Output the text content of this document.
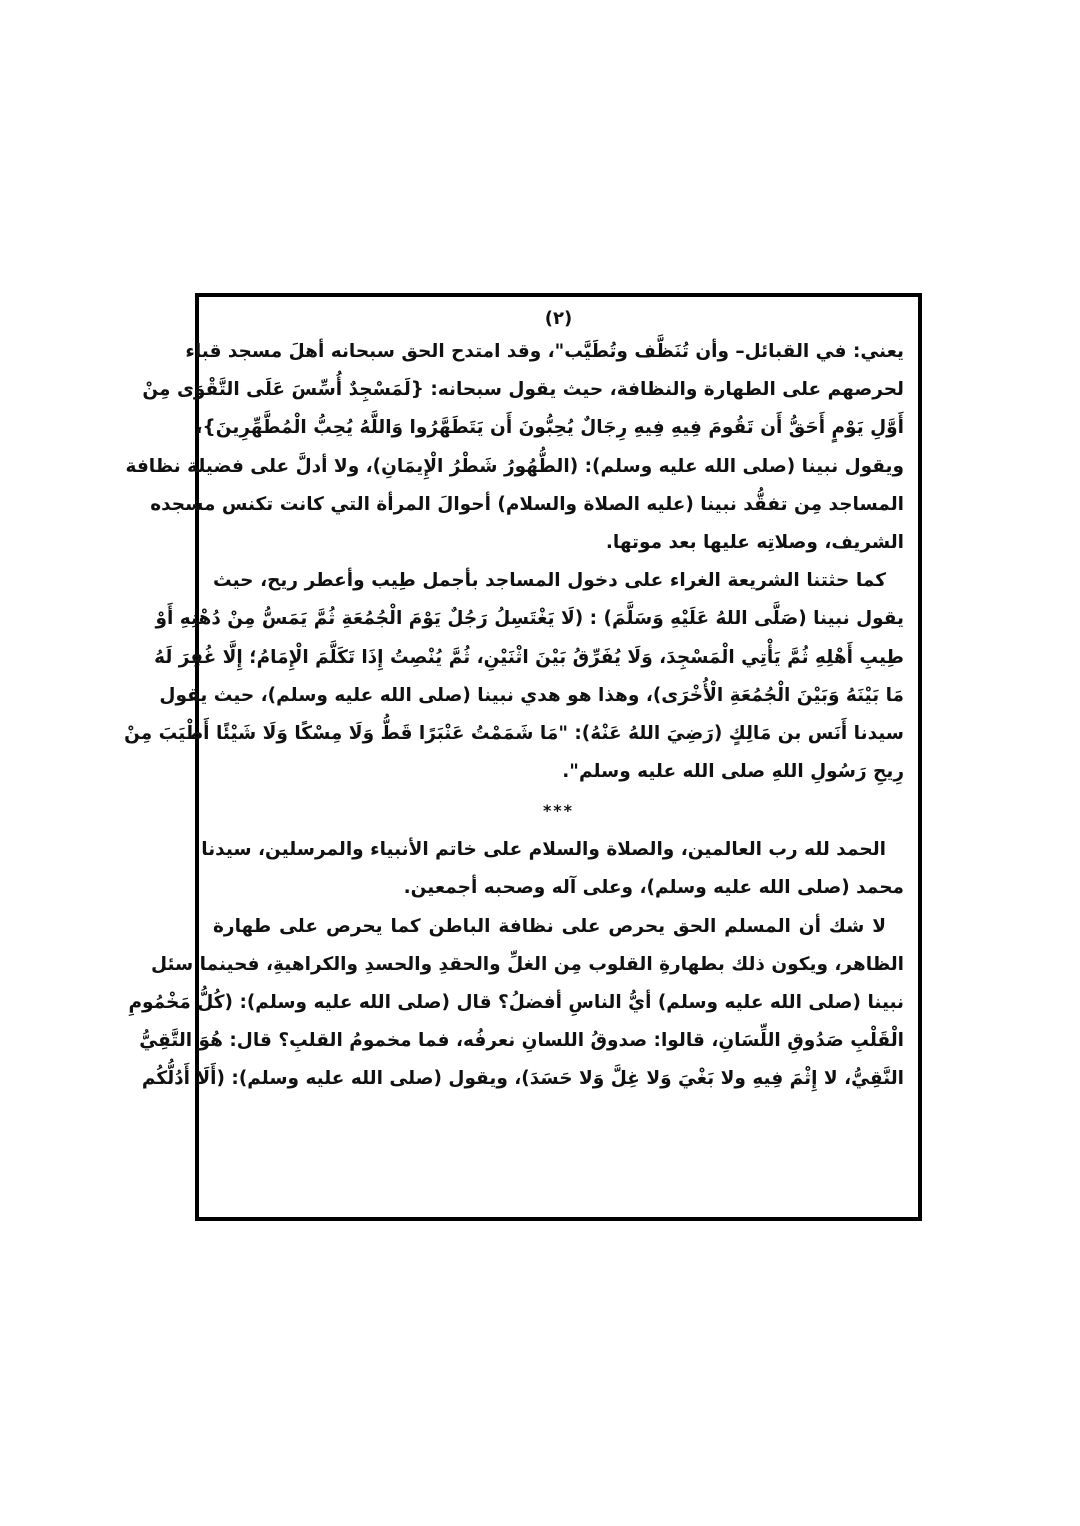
(٢)
يعني: في القبائل– وأن تُنَظَّف وتُطَيَّب"، وقد امتدح الحق سبحانه أهلَ مسجد قباء
لحرصهم على الطهارة والنظافة، حيث يقول سبحانه: {لَمَسْجِدٌ أُسِّسَ عَلَى التَّقْوَى مِنْ
أَوَّلِ يَوْمٍ أَحَقُّ أَن تَقُومَ فِيهِ فِيهِ رِجَالٌ يُحِبُّونَ أَن يَتَطَهَّرُوا وَاللَّهُ يُحِبُّ الْمُطَّهِّرِينَ}،
ويقول نبينا (صلى الله عليه وسلم): (الطُّهُورُ شَطْرُ الْإِيمَانِ)، ولا أدلَّ على فضيلة نظافة
المساجد مِن تفقُّد نبينا (عليه الصلاة والسلام) أحوالَ المرأة التي كانت تكنس مسجده
الشريف، وصلاتِه عليها بعد موتها.
كما حثتنا الشريعة الغراء على دخول المساجد بأجمل طِيب وأعطر ريح، حيث
يقول نبينا (صَلَّى اللهُ عَلَيْهِ وَسَلَّمَ) : (لَا يَغْتَسِلُ رَجُلٌ يَوْمَ الْجُمُعَةِ ثُمَّ يَمَسُّ مِنْ دُهْنِهِ أَوْ
طِيبِ أَهْلِهِ ثُمَّ يَأْتِي الْمَسْجِدَ، وَلَا يُفَرِّقُ بَيْنَ اثْنَيْنِ، ثُمَّ يُنْصِتُ إِذَا تَكَلَّمَ الْإِمَامُ؛ إِلَّا غُفِرَ لَهُ
مَا بَيْنَهُ وَبَيْنَ الْجُمُعَةِ الْأُخْرَى)، وهذا هو هدي نبينا (صلى الله عليه وسلم)، حيث يقول
سيدنا أَنَس بن مَالِكٍ (رَضِيَ اللهُ عَنْهُ): "مَا شَمَمْتُ عَنْبَرًا قَطُّ وَلَا مِسْكًا وَلَا شَيْئًا أَطْيَبَ مِنْ
رِيحِ رَسُولِ اللهِ صلى الله عليه وسلم".
***
الحمد لله رب العالمين، والصلاة والسلام على خاتم الأنبياء والمرسلين، سيدنا
محمد (صلى الله عليه وسلم)، وعلى آله وصحبه أجمعين.
لا شك أن المسلم الحق يحرص على نظافة الباطن كما يحرص على طهارة
الظاهر، ويكون ذلك بطهارةِ القلوب مِن الغلِّ والحقدِ والحسدِ والكراهيةِ، فحينما سئل
نبينا (صلى الله عليه وسلم) أيُّ الناسِ أفضلُ؟ قال (صلى الله عليه وسلم): (كُلُّ مَخْمُومِ
الْقَلْبِ صَدُوقِ اللِّسَانِ، قالوا: صدوقُ اللسانِ نعرفُه، فما مخمومُ القلبِ؟ قال: هُوَ التَّقِيُّ
النَّقِيُّ، لا إِثْمَ فِيهِ ولا بَغْيَ وَلا غِلَّ وَلا حَسَدَ)، ويقول (صلى الله عليه وسلم): (أَلَا أَدُلُّكُم
